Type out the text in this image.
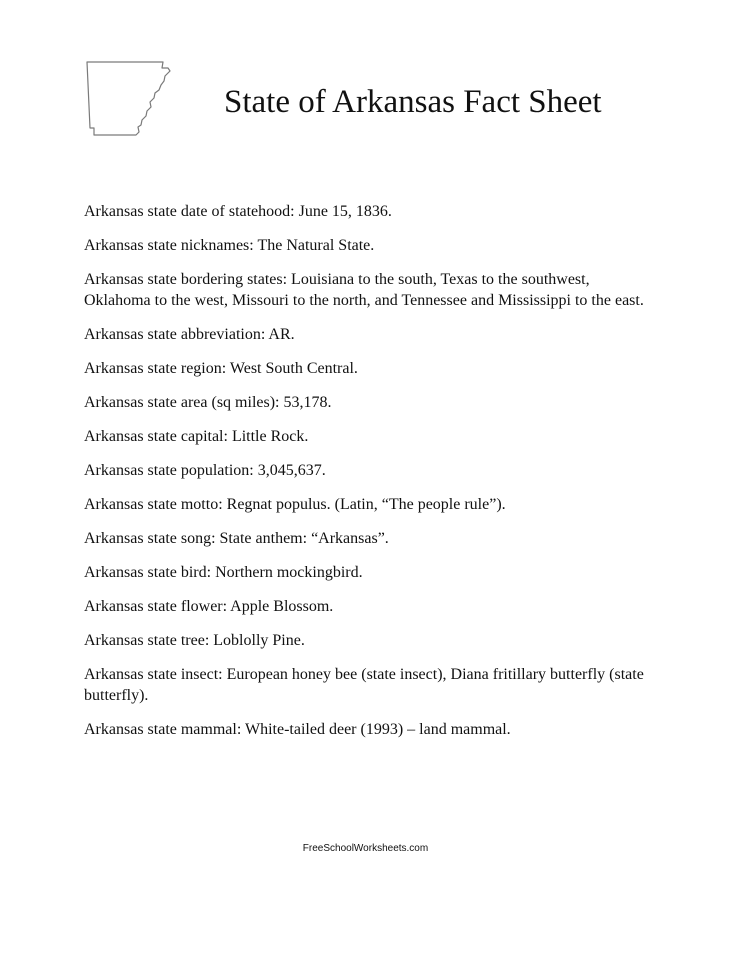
State of Arkansas Fact Sheet
Arkansas state date of statehood: June 15, 1836.
Arkansas state nicknames: The Natural State.
Arkansas state bordering states: Louisiana to the south, Texas to the southwest, Oklahoma to the west, Missouri to the north, and Tennessee and Mississippi to the east.
Arkansas state abbreviation: AR.
Arkansas state region: West South Central.
Arkansas state area (sq miles): 53,178.
Arkansas state capital: Little Rock.
Arkansas state population: 3,045,637.
Arkansas state motto: Regnat populus. (Latin, “The people rule”).
Arkansas state song: State anthem: “Arkansas”.
Arkansas state bird: Northern mockingbird.
Arkansas state flower: Apple Blossom.
Arkansas state tree: Loblolly Pine.
Arkansas state insect: European honey bee (state insect), Diana fritillary butterfly (state butterfly).
Arkansas state mammal: White-tailed deer (1993) – land mammal.
FreeSchoolWorksheets.com
